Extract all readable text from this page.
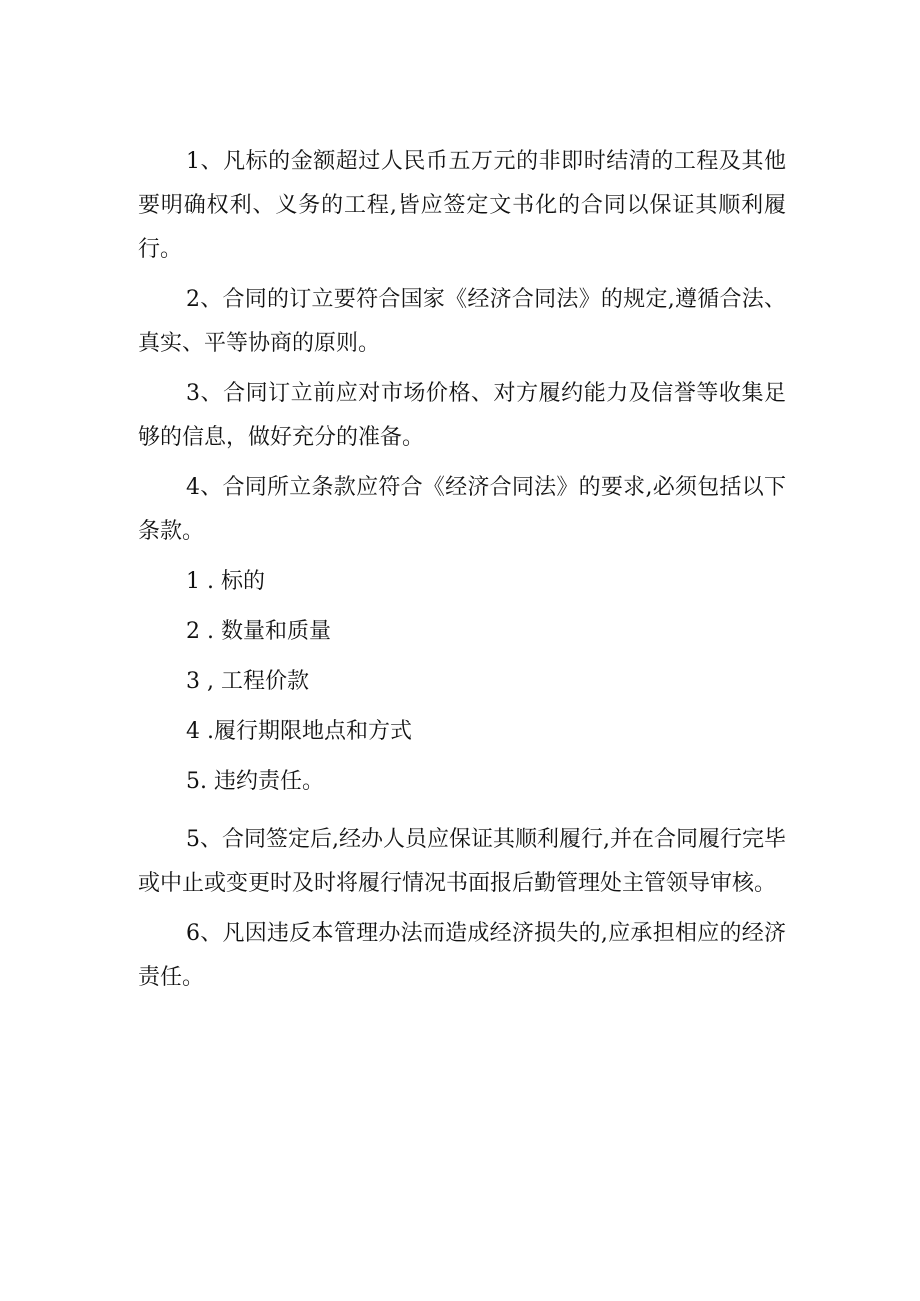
1、凡标的金额超过人民币五万元的非即时结清的工程及其他要明确权利、义务的工程,皆应签定文书化的合同以保证其顺利履行。

2、合同的订立要符合国家《经济合同法》的规定,遵循合法、真实、平等协商的原则。

3、合同订立前应对市场价格、对方履约能力及信誉等收集足够的信息，做好充分的准备。

4、合同所立条款应符合《经济合同法》的要求,必须包括以下条款。

1 . 标的
2 . 数量和质量
3 , 工程价款
4 .履行期限地点和方式
5. 违约责任。

5、合同签定后,经办人员应保证其顺利履行,并在合同履行完毕或中止或变更时及时将履行情况书面报后勤管理处主管领导审核。

6、凡因违反本管理办法而造成经济损失的,应承担相应的经济责任。
